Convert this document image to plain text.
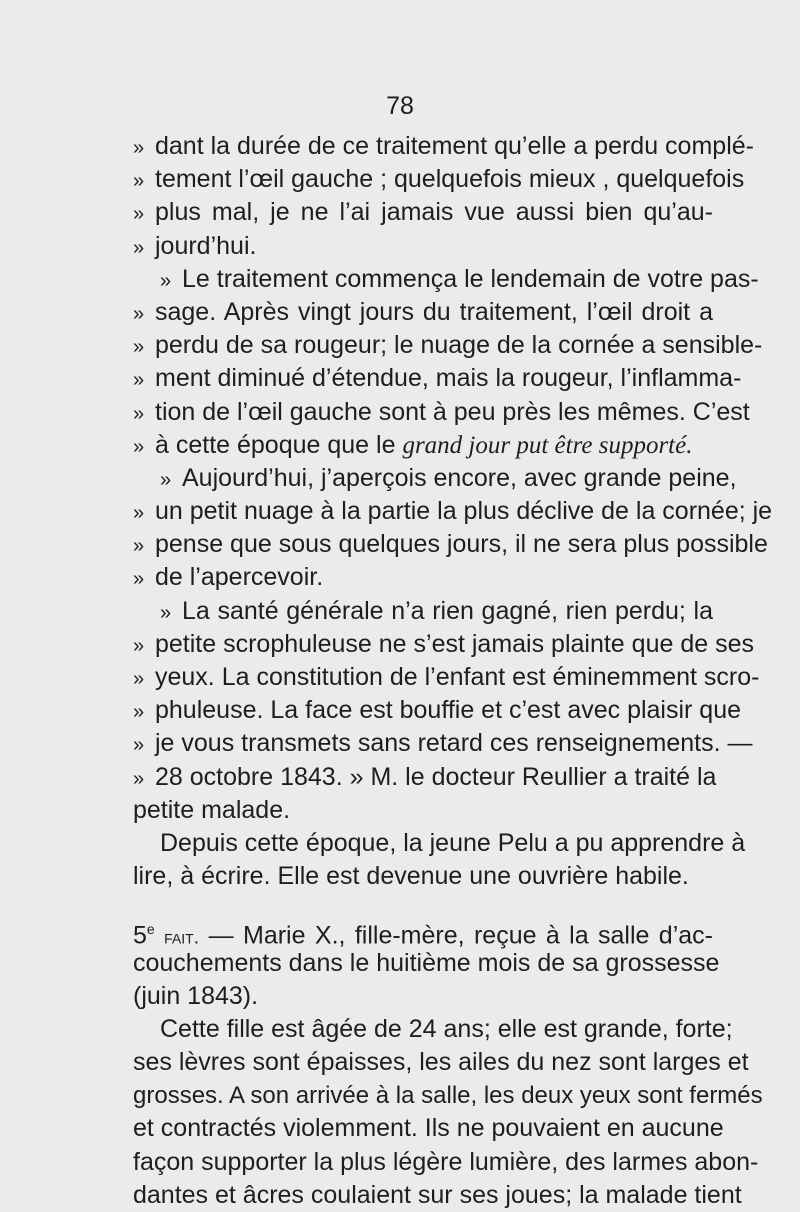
78
» dant la durée de ce traitement qu’elle a perdu complé-
» tement l’œil gauche ; quelquefois mieux , quelquefois
» plus mal, je ne l’ai jamais vue aussi bien qu’au-
» jourd’hui.
» Le traitement commença le lendemain de votre pas-
» sage. Après vingt jours du traitement, l’œil droit a
» perdu de sa rougeur; le nuage de la cornée a sensible-
» ment diminué d’étendue, mais la rougeur, l’inflamma-
» tion de l’œil gauche sont à peu près les mêmes. C’est
» à cette époque que le grand jour put être supporté.
» Aujourd’hui, j’aperçois encore, avec grande peine,
» un petit nuage à la partie la plus déclive de la cornée; je
» pense que sous quelques jours, il ne sera plus possible
» de l’apercevoir.
» La santé générale n’a rien gagné, rien perdu; la
» petite scrophuleuse ne s’est jamais plainte que de ses
» yeux. La constitution de l’enfant est éminemment scro-
» phuleuse. La face est bouffie et c’est avec plaisir que
» je vous transmets sans retard ces renseignements. —
» 28 octobre 1843. » M. le docteur Reullier a traité la
petite malade.
Depuis cette époque, la jeune Pelu a pu apprendre à
lire, à écrire. Elle est devenue une ouvrière habile.
5e fait. — Marie X., fille-mère, reçue à la salle d’ac-
couchements dans le huitième mois de sa grossesse
(juin 1843).
Cette fille est âgée de 24 ans; elle est grande, forte;
ses lèvres sont épaisses, les ailes du nez sont larges et
grosses. A son arrivée à la salle, les deux yeux sont fermés
et contractés violemment. Ils ne pouvaient en aucune
façon supporter la plus légère lumière, des larmes abon-
dantes et âcres coulaient sur ses joues; la malade tient
